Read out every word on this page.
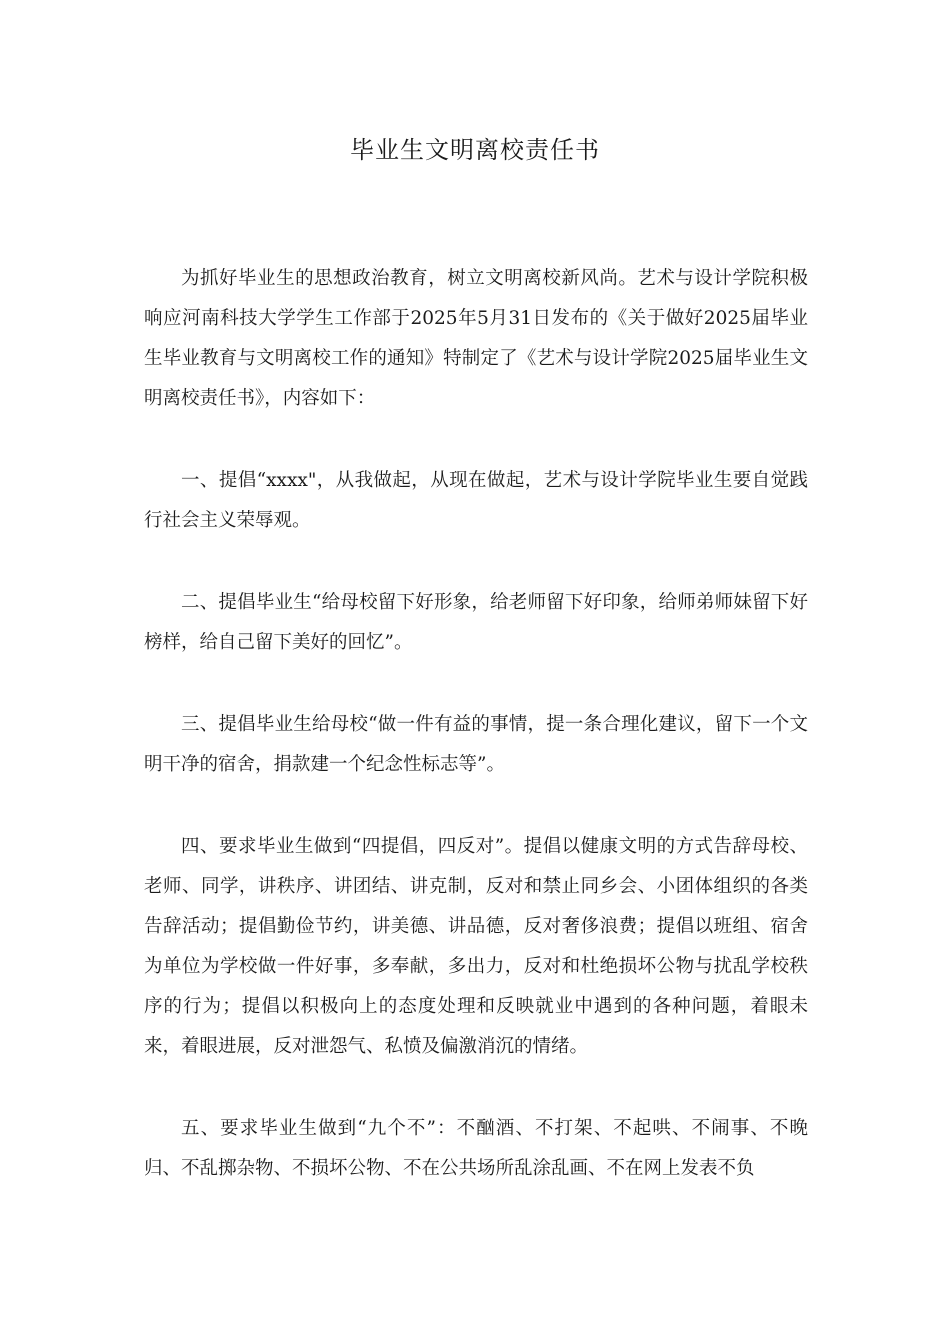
毕业生文明离校责任书

为抓好毕业生的思想政治教育，树立文明离校新风尚。艺术与设计学院积极响应河南科技大学学生工作部于2025年5月31日发布的《关于做好2025届毕业生毕业教育与文明离校工作的通知》特制定了《艺术与设计学院2025届毕业生文明离校责任书》，内容如下：

一、提倡“xxxx"，从我做起，从现在做起，艺术与设计学院毕业生要自觉践行社会主义荣辱观。

二、提倡毕业生“给母校留下好形象，给老师留下好印象，给师弟师妹留下好榜样，给自己留下美好的回忆”。

三、提倡毕业生给母校“做一件有益的事情，提一条合理化建议，留下一个文明干净的宿舍，捐款建一个纪念性标志等”。

四、要求毕业生做到“四提倡，四反对”。提倡以健康文明的方式告辞母校、老师、同学，讲秩序、讲团结、讲克制，反对和禁止同乡会、小团体组织的各类告辞活动；提倡勤俭节约，讲美德、讲品德，反对奢侈浪费；提倡以班组、宿舍为单位为学校做一件好事，多奉献，多出力，反对和杜绝损坏公物与扰乱学校秩序的行为；提倡以积极向上的态度处理和反映就业中遇到的各种问题，着眼未来，着眼进展，反对泄怨气、私愤及偏激消沉的情绪。

五、要求毕业生做到“九个不”：不酗酒、不打架、不起哄、不闹事、不晚归、不乱掷杂物、不损坏公物、不在公共场所乱涂乱画、不在网上发表不负
